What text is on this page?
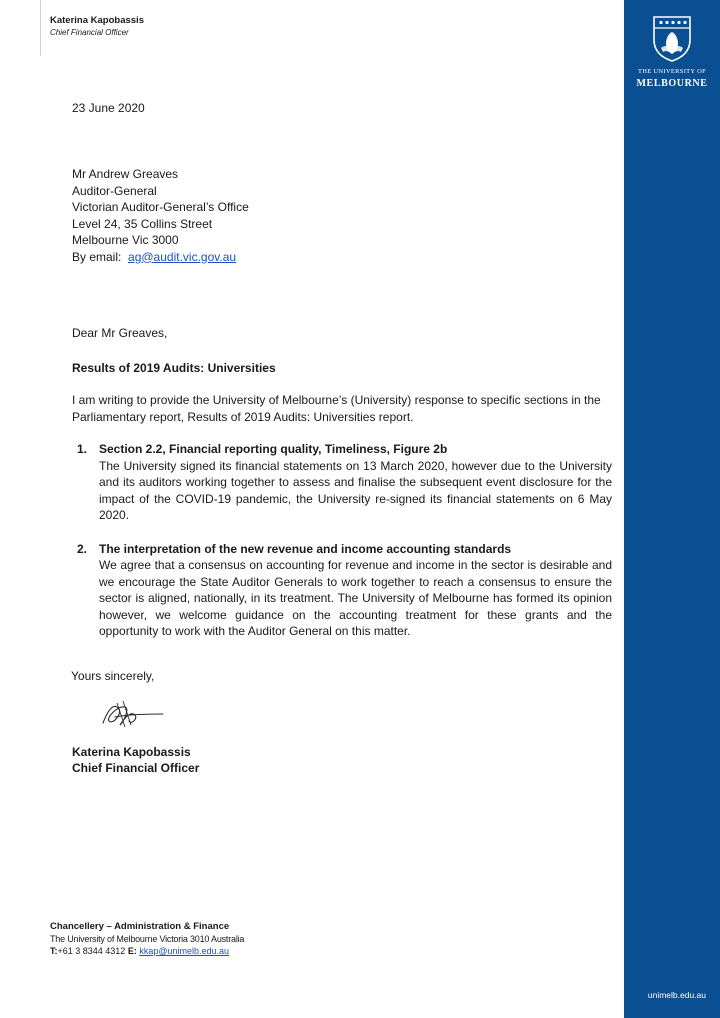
Katerina Kapobassis
Chief Financial Officer
THE UNIVERSITY OF
MELBOURNE
unimelb.edu.au
23 June 2020
Mr Andrew Greaves
Auditor-General
Victorian Auditor-General’s Office
Level 24, 35 Collins Street
Melbourne Vic 3000
By email: ag@audit.vic.gov.au
Dear Mr Greaves,
Results of 2019 Audits: Universities
I am writing to provide the University of Melbourne’s (University) response to specific sections in the Parliamentary report, Results of 2019 Audits: Universities report.
1. Section 2.2, Financial reporting quality, Timeliness, Figure 2b
The University signed its financial statements on 13 March 2020, however due to the University and its auditors working together to assess and finalise the subsequent event disclosure for the impact of the COVID-19 pandemic, the University re-signed its financial statements on 6 May 2020.
2. The interpretation of the new revenue and income accounting standards
We agree that a consensus on accounting for revenue and income in the sector is desirable and we encourage the State Auditor Generals to work together to reach a consensus to ensure the sector is aligned, nationally, in its treatment. The University of Melbourne has formed its opinion however, we welcome guidance on the accounting treatment for these grants and the opportunity to work with the Auditor General on this matter.
Yours sincerely,
Katerina Kapobassis
Chief Financial Officer
Chancellery – Administration & Finance
The University of Melbourne Victoria 3010 Australia
T:+61 3 8344 4312 E: kkap@unimelb.edu.au
